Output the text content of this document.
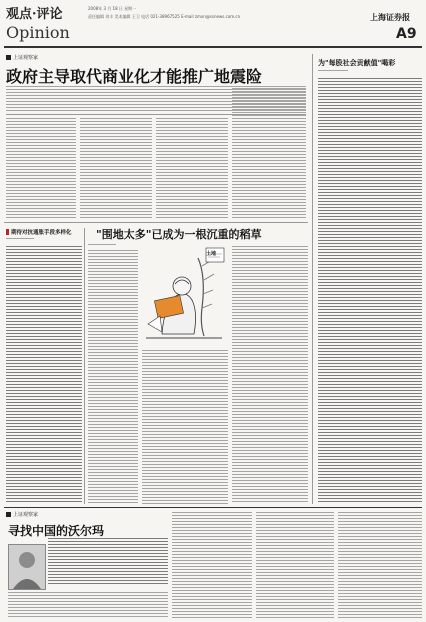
观点·评论
Opinion
2008年 3 月 18 日 星期一
责任编辑 刘丰 美术编辑 王卫 电话 021-38967525 E-mail zmxn@ssnews.com.cn	上海证券报
A9
上证观察家
政府主导取代商业化才能推广地震险
为"每股社会贡献值"喝彩
期待对抗通胀手段多样化	"围地太多"已成为一根沉重的稻草
土地
上证观察家
寻找中国的沃尔玛
